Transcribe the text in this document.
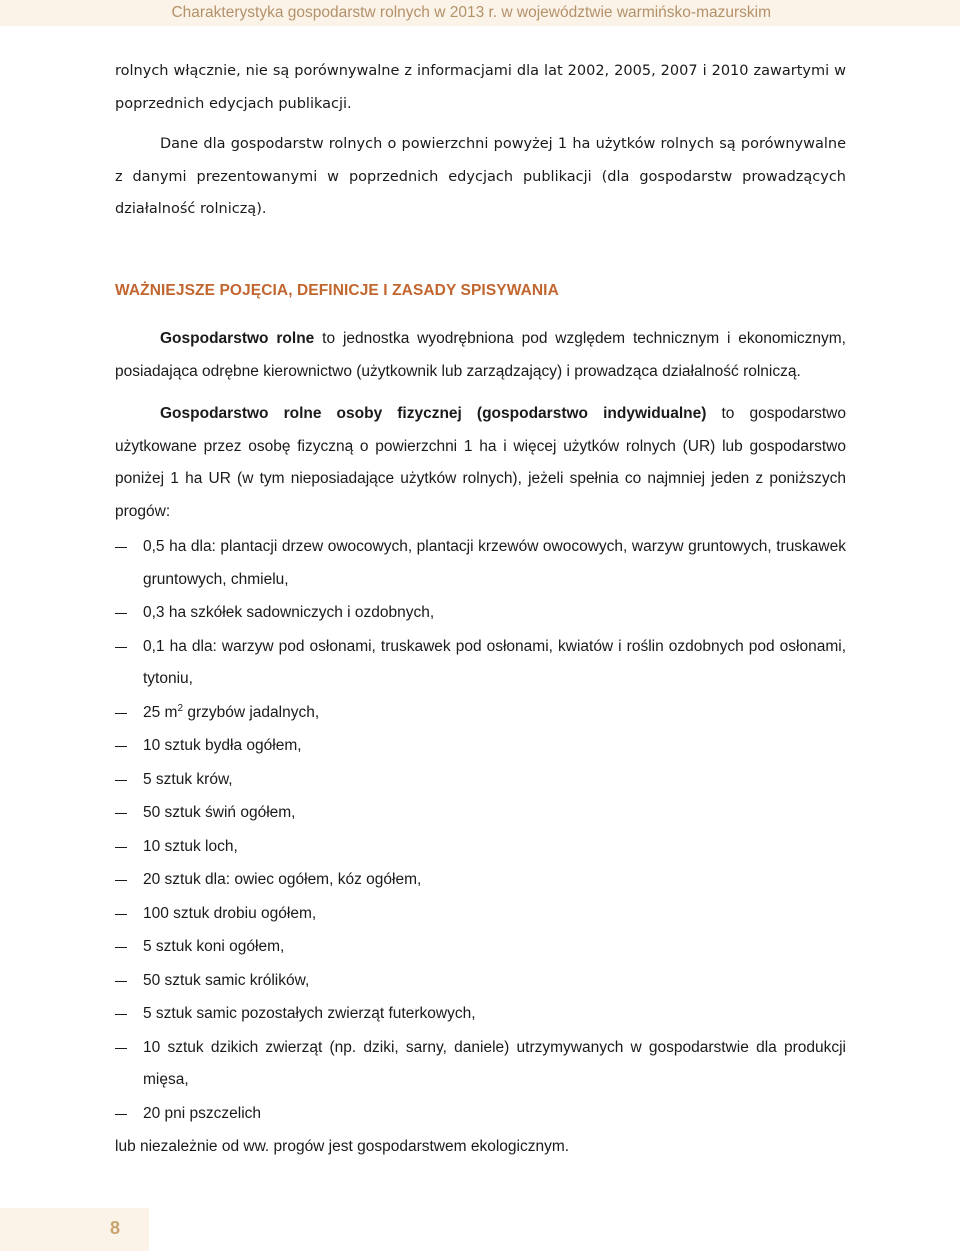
Charakterystyka gospodarstw rolnych w 2013 r. w województwie warmińsko-mazurskim

rolnych włącznie, nie są porównywalne z informacjami dla lat 2002, 2005, 2007 i 2010 zawartymi w poprzednich edycjach publikacji.

Dane dla gospodarstw rolnych o powierzchni powyżej 1 ha użytków rolnych są porównywalne z danymi prezentowanymi w poprzednich edycjach publikacji (dla gospodarstw prowadzących działalność rolniczą).

WAŻNIEJSZE POJĘCIA, DEFINICJE I ZASADY SPISYWANIA

Gospodarstwo rolne to jednostka wyodrębniona pod względem technicznym i ekonomicznym, posiadająca odrębne kierownictwo (użytkownik lub zarządzający) i prowadząca działalność rolniczą.

Gospodarstwo rolne osoby fizycznej (gospodarstwo indywidualne) to gospodarstwo użytkowane przez osobę fizyczną o powierzchni 1 ha i więcej użytków rolnych (UR) lub gospodarstwo poniżej 1 ha UR (w tym nieposiadające użytków rolnych), jeżeli spełnia co najmniej jeden z poniższych progów:

0,5 ha dla: plantacji drzew owocowych, plantacji krzewów owocowych, warzyw gruntowych, truskawek gruntowych, chmielu,
0,3 ha szkółek sadowniczych i ozdobnych,
0,1 ha dla: warzyw pod osłonami, truskawek pod osłonami, kwiatów i roślin ozdobnych pod osłonami, tytoniu,
25 $m^2$ grzybów jadalnych,
10 sztuk bydła ogółem,
5 sztuk krów,
50 sztuk świń ogółem,
10 sztuk loch,
20 sztuk dla: owiec ogółem, kóz ogółem,
100 sztuk drobiu ogółem,
5 sztuk koni ogółem,
50 sztuk samic królików,
5 sztuk samic pozostałych zwierząt futerkowych,
10 sztuk dzikich zwierząt (np. dziki, sarny, daniele) utrzymywanych w gospodarstwie dla produkcji mięsa,
20 pni pszczelich

lub niezależnie od ww. progów jest gospodarstwem ekologicznym.

8
